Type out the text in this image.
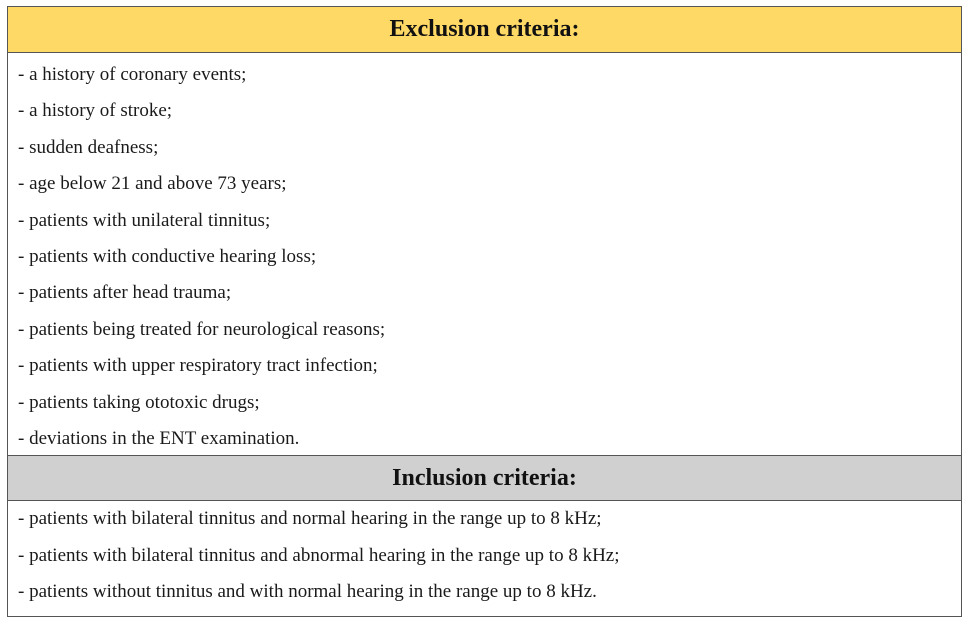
Exclusion criteria:
- a history of coronary events;
- a history of stroke;
- sudden deafness;
- age below 21 and above 73 years;
- patients with unilateral tinnitus;
- patients with conductive hearing loss;
- patients after head trauma;
- patients being treated for neurological reasons;
- patients with upper respiratory tract infection;
- patients taking ototoxic drugs;
- deviations in the ENT examination.
Inclusion criteria:
- patients with bilateral tinnitus and normal hearing in the range up to 8 kHz;
- patients with bilateral tinnitus and abnormal hearing in the range up to 8 kHz;
- patients without tinnitus and with normal hearing in the range up to 8 kHz.
